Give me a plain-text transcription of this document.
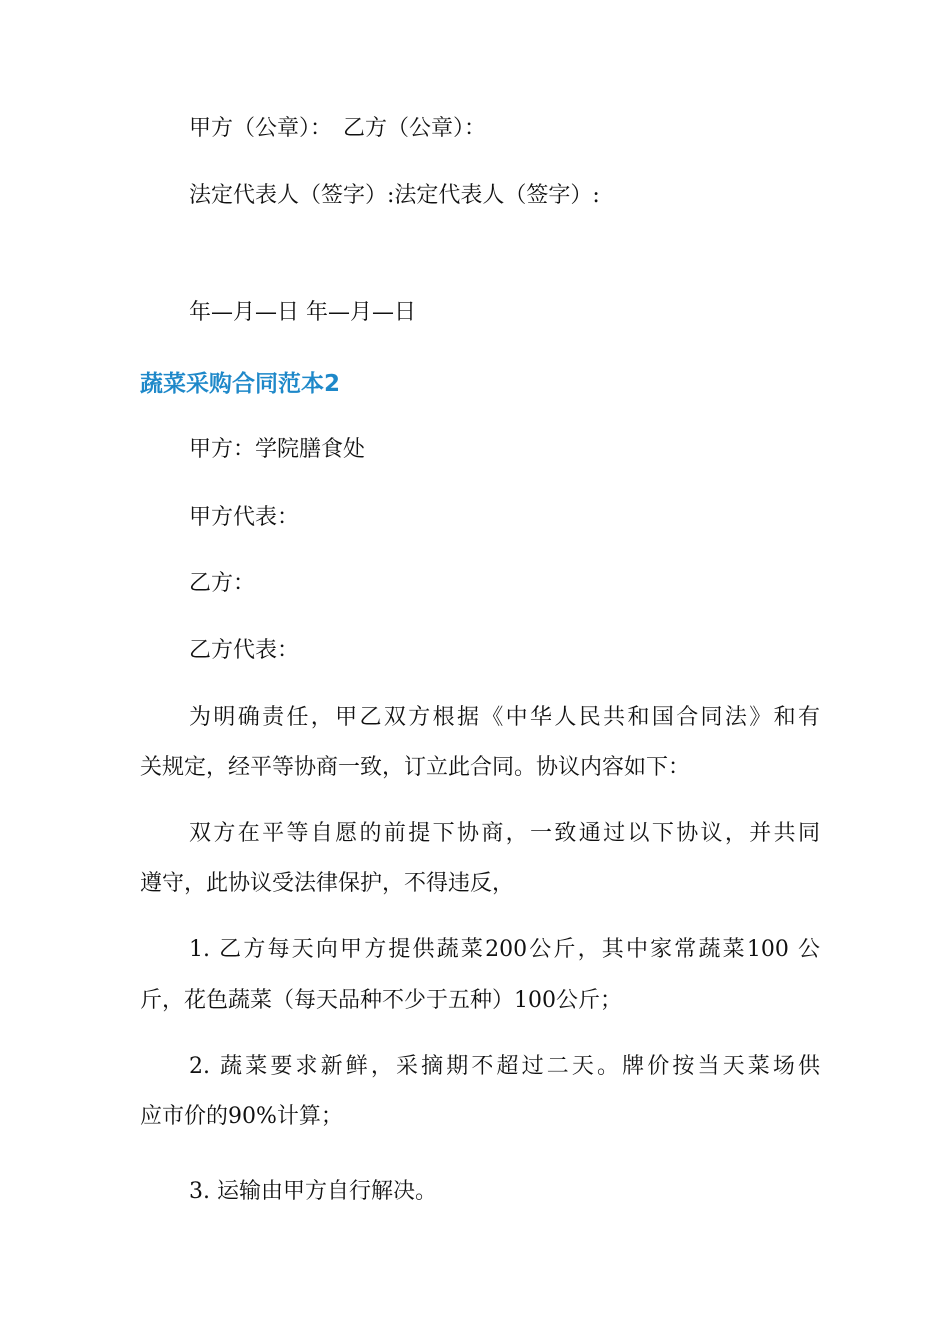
甲方（公章）：　乙方（公章）：
法定代表人（签字）:法定代表人（签字）:
年—月—日 年—月—日
蔬菜采购合同范本2
甲方：学院膳食处
甲方代表：
乙方：
乙方代表：
为明确责任，甲乙双方根据《中华人民共和国合同法》和有
关规定，经平等协商一致，订立此合同。协议内容如下：
双方在平等自愿的前提下协商，一致通过以下协议，并共同
遵守，此协议受法律保护，不得违反，
1. 乙方每天向甲方提供蔬菜200公斤，其中家常蔬菜100 公
斤，花色蔬菜（每天品种不少于五种）100公斤；
2. 蔬菜要求新鲜，采摘期不超过二天。牌价按当天菜场供
应市价的90%计算；
3. 运输由甲方自行解决。
